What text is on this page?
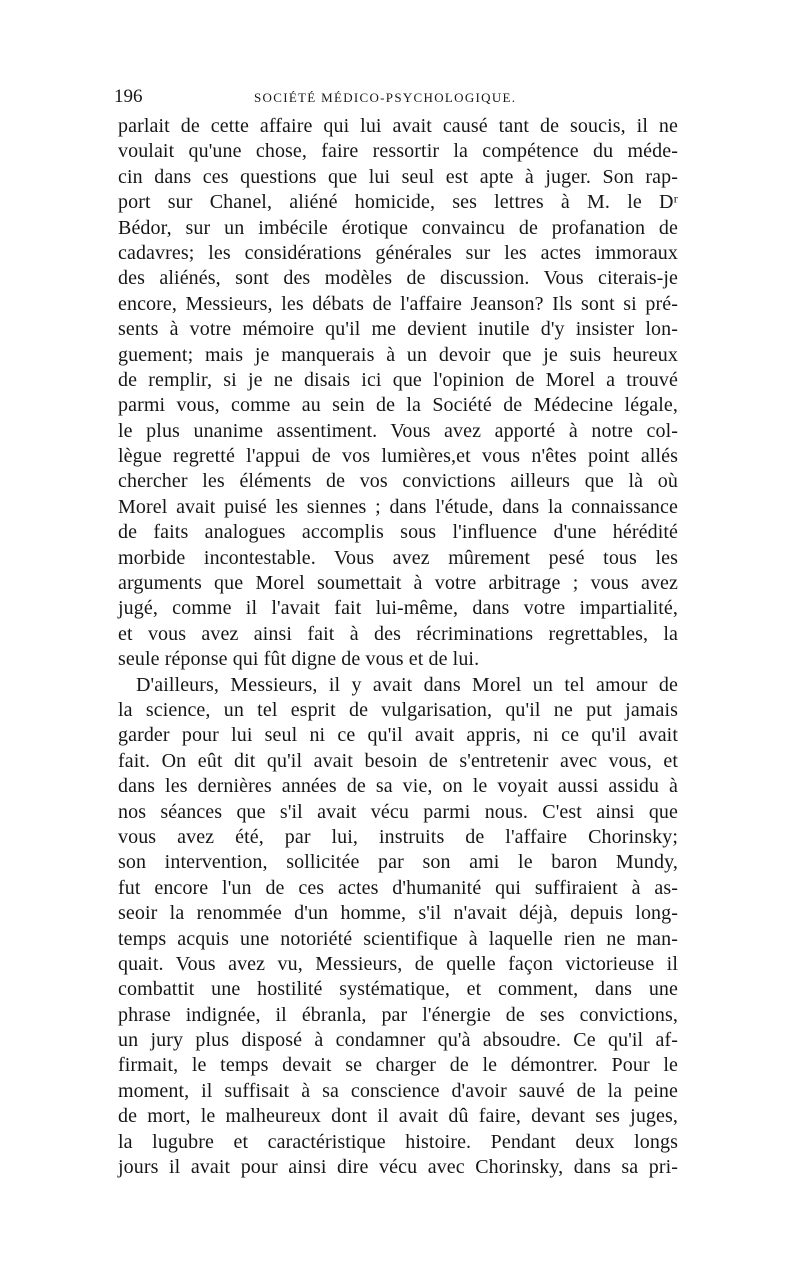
196	SOCIÉTÉ MÉDICO-PSYCHOLOGIQUE.
parlait de cette affaire qui lui avait causé tant de soucis, il ne
voulait qu'une chose, faire ressortir la compétence du méde-
cin dans ces questions que lui seul est apte à juger. Son rap-
port sur Chanel, aliéné homicide, ses lettres à M. le Dʳ
Bédor, sur un imbécile érotique convaincu de profanation de
cadavres; les considérations générales sur les actes immoraux
des aliénés, sont des modèles de discussion. Vous citerais-je
encore, Messieurs, les débats de l'affaire Jeanson? Ils sont si pré-
sents à votre mémoire qu'il me devient inutile d'y insister lon-
guement; mais je manquerais à un devoir que je suis heureux
de remplir, si je ne disais ici que l'opinion de Morel a trouvé
parmi vous, comme au sein de la Société de Médecine légale,
le plus unanime assentiment. Vous avez apporté à notre col-
lègue regretté l'appui de vos lumières,et vous n'êtes point allés
chercher les éléments de vos convictions ailleurs que là où
Morel avait puisé les siennes ; dans l'étude, dans la connaissance
de faits analogues accomplis sous l'influence d'une hérédité
morbide incontestable. Vous avez mûrement pesé tous les
arguments que Morel soumettait à votre arbitrage ; vous avez
jugé, comme il l'avait fait lui-même, dans votre impartialité,
et vous avez ainsi fait à des récriminations regrettables, la
seule réponse qui fût digne de vous et de lui.
D'ailleurs, Messieurs, il y avait dans Morel un tel amour de
la science, un tel esprit de vulgarisation, qu'il ne put jamais
garder pour lui seul ni ce qu'il avait appris, ni ce qu'il avait
fait. On eût dit qu'il avait besoin de s'entretenir avec vous, et
dans les dernières années de sa vie, on le voyait aussi assidu à
nos séances que s'il avait vécu parmi nous. C'est ainsi que
vous avez été, par lui, instruits de l'affaire Chorinsky;
son intervention, sollicitée par son ami le baron Mundy,
fut encore l'un de ces actes d'humanité qui suffiraient à as-
seoir la renommée d'un homme, s'il n'avait déjà, depuis long-
temps acquis une notoriété scientifique à laquelle rien ne man-
quait. Vous avez vu, Messieurs, de quelle façon victorieuse il
combattit une hostilité systématique, et comment, dans une
phrase indignée, il ébranla, par l'énergie de ses convictions,
un jury plus disposé à condamner qu'à absoudre. Ce qu'il af-
firmait, le temps devait se charger de le démontrer. Pour le
moment, il suffisait à sa conscience d'avoir sauvé de la peine
de mort, le malheureux dont il avait dû faire, devant ses juges,
la lugubre et caractéristique histoire. Pendant deux longs
jours il avait pour ainsi dire vécu avec Chorinsky, dans sa pri-
